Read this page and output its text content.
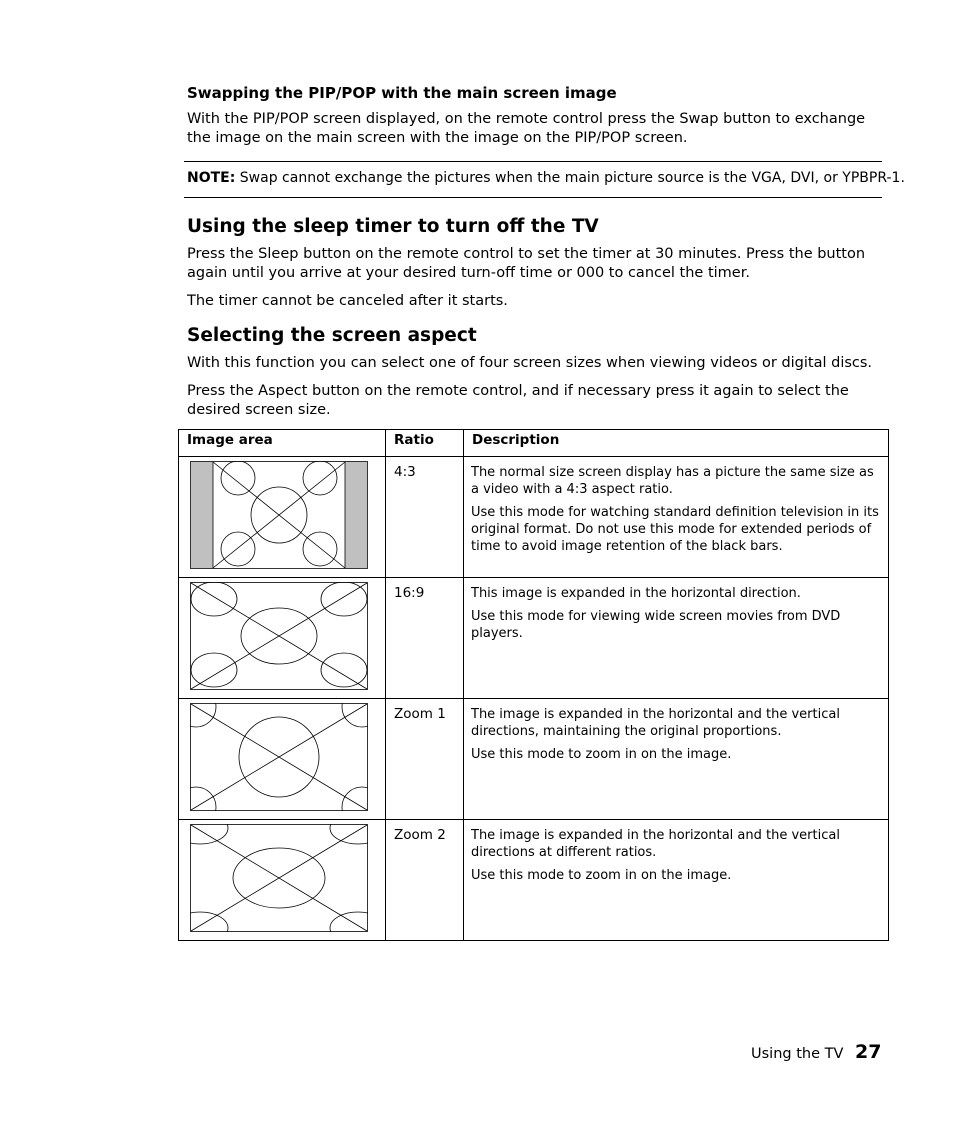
Swapping the PIP/POP with the main screen image
With the PIP/POP screen displayed, on the remote control press the Swap button to exchange the image on the main screen with the image on the PIP/POP screen.
NOTE: Swap cannot exchange the pictures when the main picture source is the VGA, DVI, or YPBPR-1.
Using the sleep timer to turn off the TV
Press the Sleep button on the remote control to set the timer at 30 minutes. Press the button again until you arrive at your desired turn-off time or 000 to cancel the timer.
The timer cannot be canceled after it starts.
Selecting the screen aspect
With this function you can select one of four screen sizes when viewing videos or digital discs.
Press the Aspect button on the remote control, and if necessary press it again to select the desired screen size.
Image area	Ratio	Description

	4:3	The normal size screen display has a picture the same size as a video with a 4:3 aspect ratio.

Use this mode for watching standard definition television in its original format. Do not use this mode for extended periods of time to avoid image retention of the black bars.

	16:9	This image is expanded in the horizontal direction.

Use this mode for viewing wide screen movies from DVD players.

	Zoom 1	The image is expanded in the horizontal and the vertical directions, maintaining the original proportions.

Use this mode to zoom in on the image.

	Zoom 2	The image is expanded in the horizontal and the vertical directions at different ratios.

Use this mode to zoom in on the image.

Using the TV 27
